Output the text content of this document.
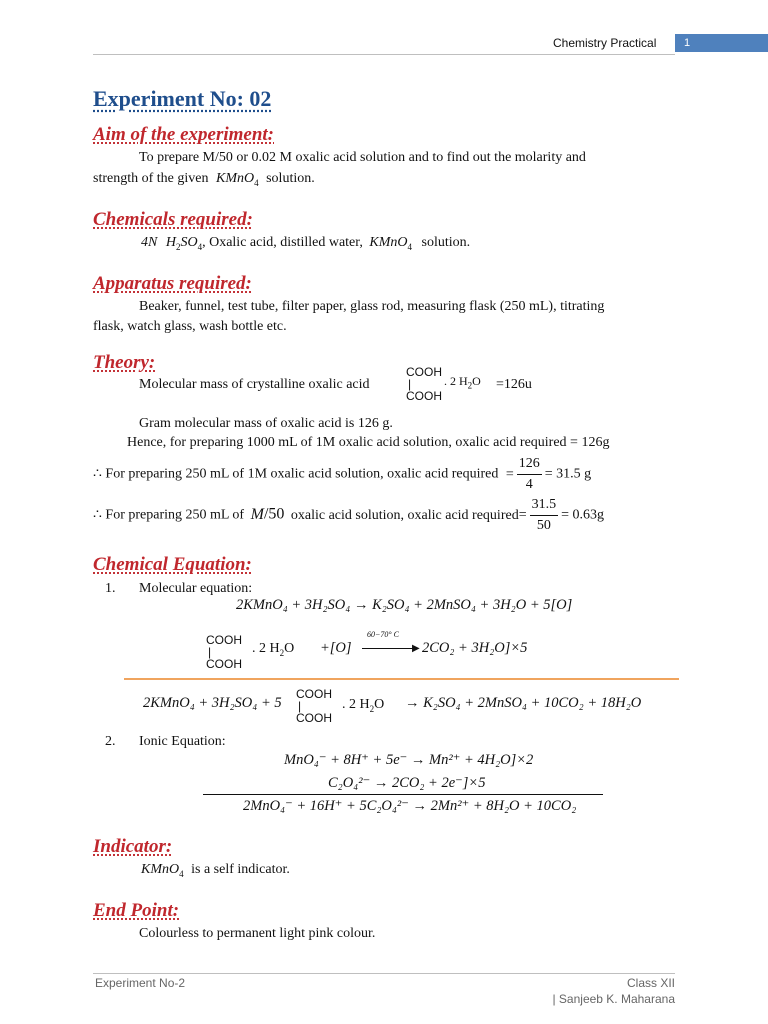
Chemistry Practical	1
Experiment No: 02
Aim of the experiment:
To prepare M/50 or 0.02 M oxalic acid solution and to find out the molarity and
strength of the given KMnO$_4$ solution.
Chemicals required:
4N $H_2SO_4$, Oxalic acid, distilled water, KMnO$_4$ solution.
Apparatus required:
Beaker, funnel, test tube, filter paper, glass rod, measuring flask (250 mL), titrating
flask, watch glass, wash bottle etc.
Theory:
Molecular mass of crystalline oxalic acid
COOH
|
COOH
. 2 $H_2O =126u$
Gram molecular mass of oxalic acid is 126 g.
Hence, for preparing 1000 mL of 1M oxalic acid solution, oxalic acid required = 126g
∴ For preparing 250 mL of 1M oxalic acid solution, oxalic acid required = $\frac{126}{4} = 31.5$ g
∴ For preparing 250 mL of M/50 oxalic acid solution, oxalic acid required= $\frac{31.5}{50} = 0.63g$
Chemical Equation:
1. Molecular equation:
2KMnO₄ + 3H₂SO₄ → K₂SO₄ + 2MnSO₄ + 3H₂O + 5[O]
COOH
|
COOH
. 2 $H_2O +[O]$
60−70° C
▶ 2CO₂ + 3H₂O]×5
2KMnO₄ + 3H₂SO₄ + 5
COOH
|
COOH
. 2 $H_2O \to K_2SO_4$ + 2MnSO₄ + 10CO₂ + 18H₂O
2. Ionic Equation:
MnO₄⁻ + 8H⁺ + 5e⁻ → Mn²⁺ + 4H₂O]×2
C₂O₄²⁻ → 2CO₂ + 2e⁻]×5
2MnO₄⁻ + 16H⁺ + 5C₂O₄²⁻ → 2Mn²⁺ + 8H₂O + 10CO₂
Indicator:
KMnO$_4$ is a self indicator.
End Point:
Colourless to permanent light pink colour.
Experiment No-2	Class XII
| Sanjeeb K. Maharana
